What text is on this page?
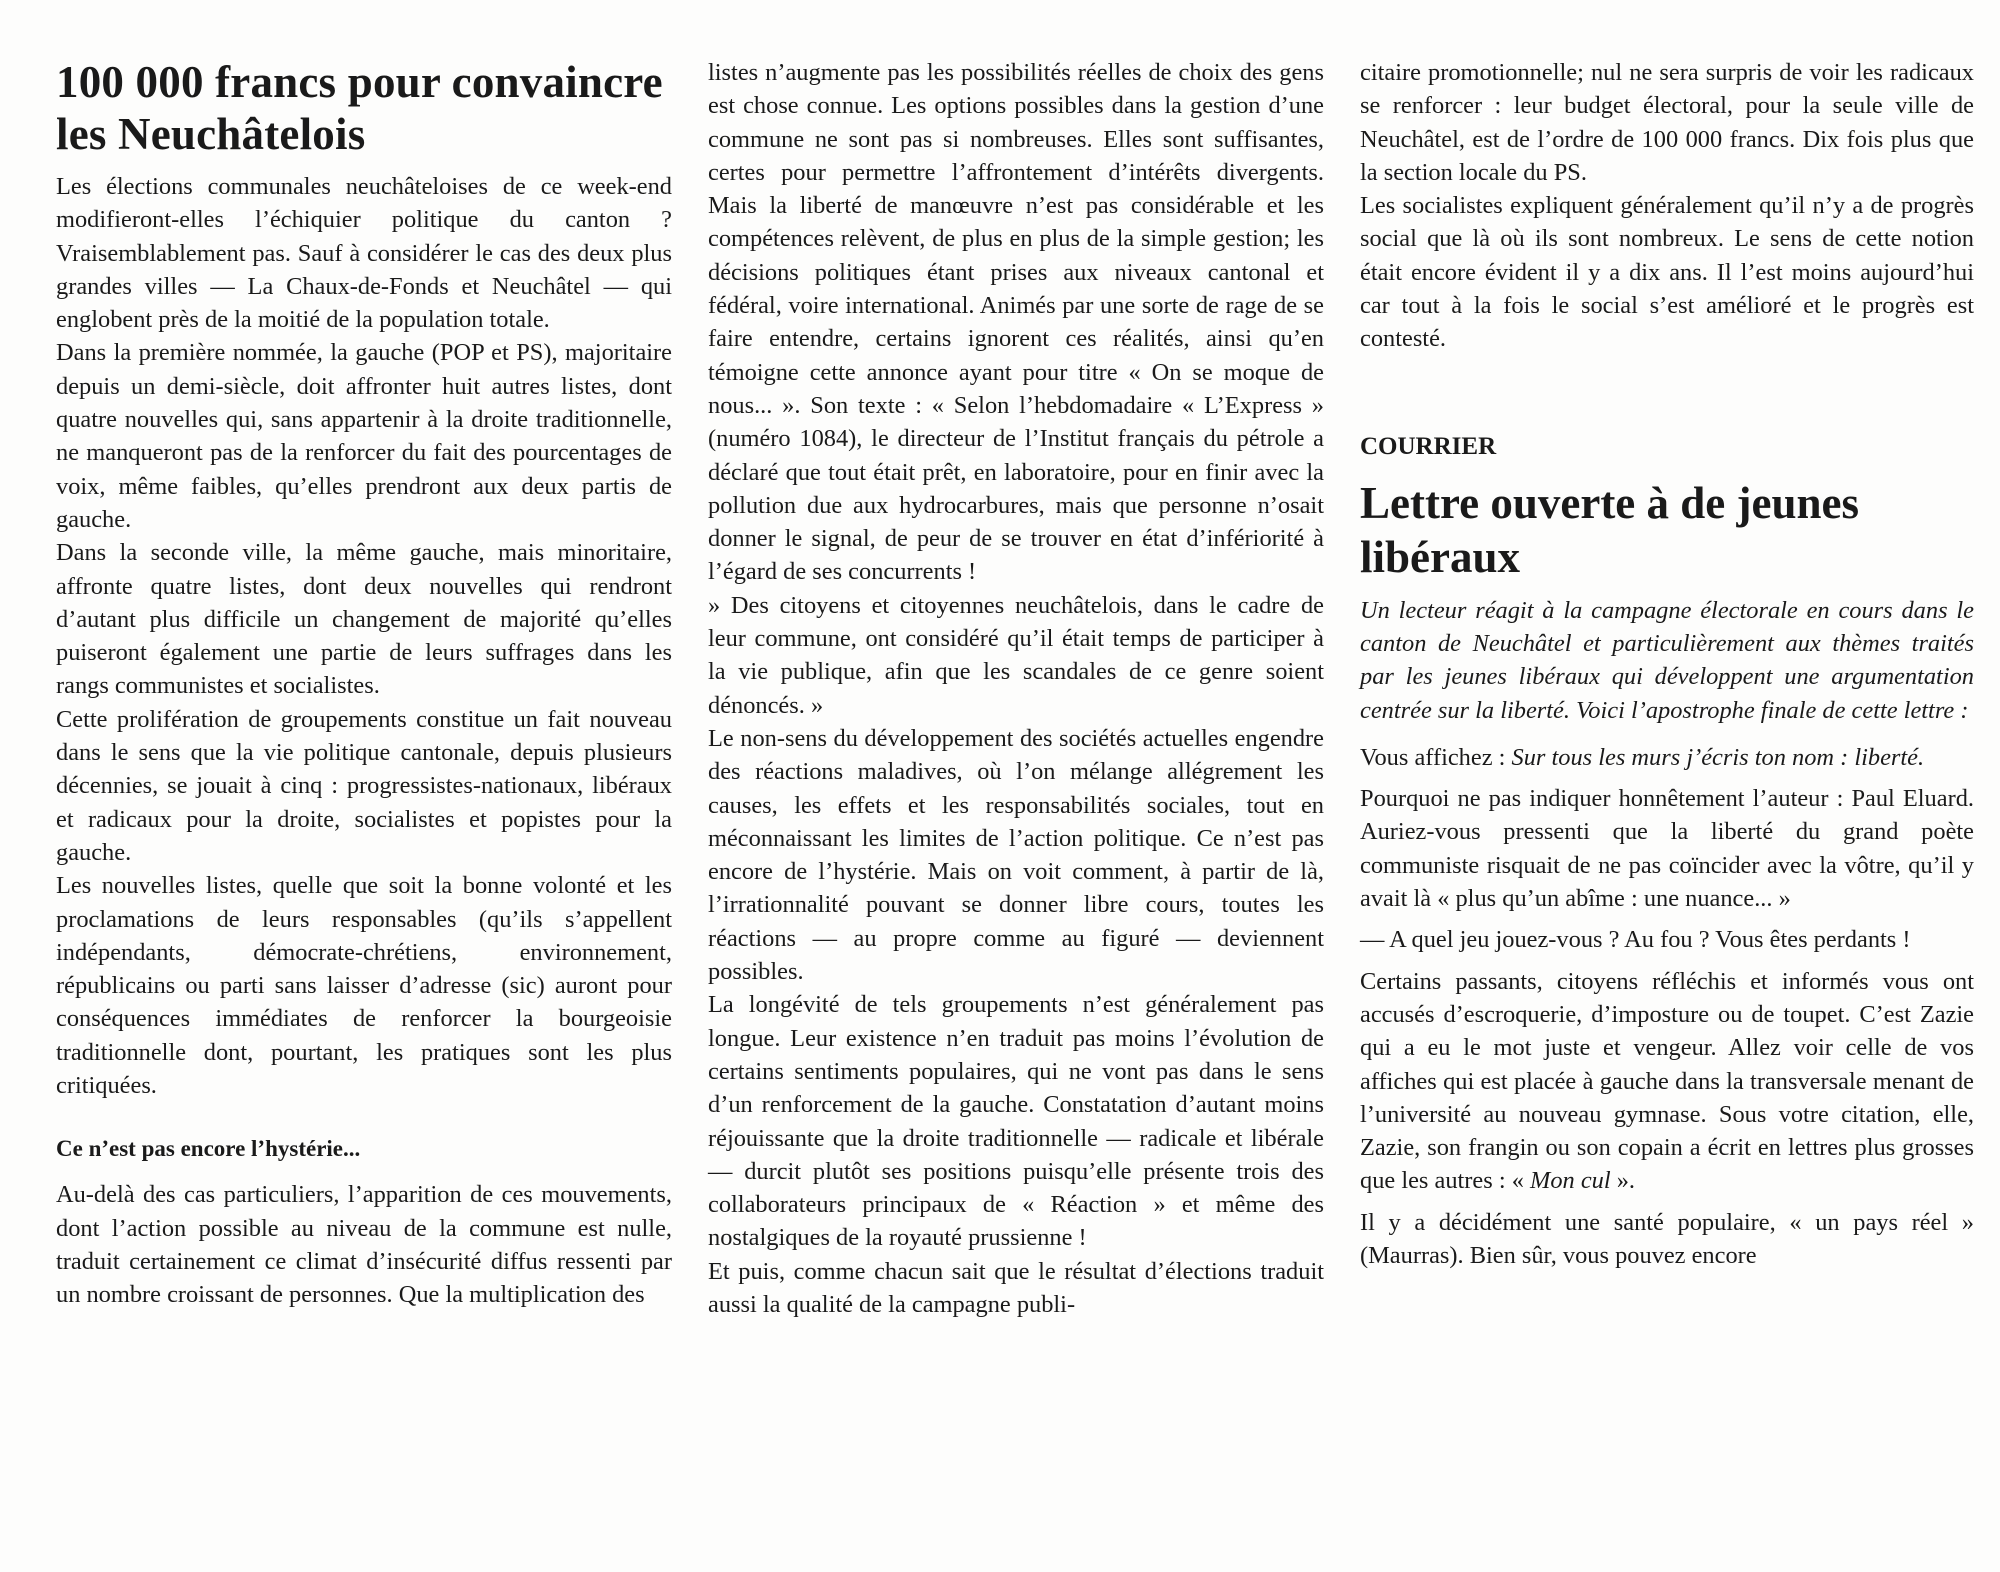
100 000 francs pour convaincre les Neuchâtelois

Les élections communales neuchâteloises de ce week-end modifieront-elles l’échiquier politique du canton ? Vraisemblablement pas. Sauf à considérer le cas des deux plus grandes villes — La Chaux-de-Fonds et Neuchâtel — qui englobent près de la moitié de la population totale.

Dans la première nommée, la gauche (POP et PS), majoritaire depuis un demi-siècle, doit affronter huit autres listes, dont quatre nouvelles qui, sans appartenir à la droite traditionnelle, ne manqueront pas de la renforcer du fait des pourcentages de voix, même faibles, qu’elles prendront aux deux partis de gauche.

Dans la seconde ville, la même gauche, mais minoritaire, affronte quatre listes, dont deux nouvelles qui rendront d’autant plus difficile un changement de majorité qu’elles puiseront également une partie de leurs suffrages dans les rangs communistes et socialistes.

Cette prolifération de groupements constitue un fait nouveau dans le sens que la vie politique cantonale, depuis plusieurs décennies, se jouait à cinq : progressistes-nationaux, libéraux et radicaux pour la droite, socialistes et popistes pour la gauche.

Les nouvelles listes, quelle que soit la bonne volonté et les proclamations de leurs responsables (qu’ils s’appellent indépendants, démocrate-chrétiens, environnement, républicains ou parti sans laisser d’adresse (sic) auront pour conséquences immédiates de renforcer la bourgeoisie traditionnelle dont, pourtant, les pratiques sont les plus critiquées.

Ce n’est pas encore l’hystérie...

Au-delà des cas particuliers, l’apparition de ces mouvements, dont l’action possible au niveau de la commune est nulle, traduit certainement ce climat d’insécurité diffus ressenti par un nombre croissant de personnes. Que la multiplication des

listes n’augmente pas les possibilités réelles de choix des gens est chose connue. Les options possibles dans la gestion d’une commune ne sont pas si nombreuses. Elles sont suffisantes, certes pour permettre l’affrontement d’intérêts divergents. Mais la liberté de manœuvre n’est pas considérable et les compétences relèvent, de plus en plus de la simple gestion; les décisions politiques étant prises aux niveaux cantonal et fédéral, voire international. Animés par une sorte de rage de se faire entendre, certains ignorent ces réalités, ainsi qu’en témoigne cette annonce ayant pour titre « On se moque de nous... ». Son texte : « Selon l’hebdomadaire « L’Express » (numéro 1084), le directeur de l’Institut français du pétrole a déclaré que tout était prêt, en laboratoire, pour en finir avec la pollution due aux hydrocarbures, mais que personne n’osait donner le signal, de peur de se trouver en état d’infériorité à l’égard de ses concurrents !

» Des citoyens et citoyennes neuchâtelois, dans le cadre de leur commune, ont considéré qu’il était temps de participer à la vie publique, afin que les scandales de ce genre soient dénoncés. »

Le non-sens du développement des sociétés actuelles engendre des réactions maladives, où l’on mélange allégrement les causes, les effets et les responsabilités sociales, tout en méconnaissant les limites de l’action politique. Ce n’est pas encore de l’hystérie. Mais on voit comment, à partir de là, l’irrationnalité pouvant se donner libre cours, toutes les réactions — au propre comme au figuré — deviennent possibles.

La longévité de tels groupements n’est généralement pas longue. Leur existence n’en traduit pas moins l’évolution de certains sentiments populaires, qui ne vont pas dans le sens d’un renforcement de la gauche. Constatation d’autant moins réjouissante que la droite traditionnelle — radicale et libérale — durcit plutôt ses positions puisqu’elle présente trois des collaborateurs principaux de « Réaction » et même des nostalgiques de la royauté prussienne !

Et puis, comme chacun sait que le résultat d’élections traduit aussi la qualité de la campagne publi-

citaire promotionnelle; nul ne sera surpris de voir les radicaux se renforcer : leur budget électoral, pour la seule ville de Neuchâtel, est de l’ordre de 100 000 francs. Dix fois plus que la section locale du PS.

Les socialistes expliquent généralement qu’il n’y a de progrès social que là où ils sont nombreux. Le sens de cette notion était encore évident il y a dix ans. Il l’est moins aujourd’hui car tout à la fois le social s’est amélioré et le progrès est contesté.

COURRIER
Lettre ouverte à de jeunes libéraux

Un lecteur réagit à la campagne électorale en cours dans le canton de Neuchâtel et particulièrement aux thèmes traités par les jeunes libéraux qui développent une argumentation centrée sur la liberté. Voici l’apostrophe finale de cette lettre :

Vous affichez : Sur tous les murs j’écris ton nom : liberté.

Pourquoi ne pas indiquer honnêtement l’auteur : Paul Eluard. Auriez-vous pressenti que la liberté du grand poète communiste risquait de ne pas coïncider avec la vôtre, qu’il y avait là « plus qu’un abîme : une nuance... »

— A quel jeu jouez-vous ? Au fou ? Vous êtes perdants !

Certains passants, citoyens réfléchis et informés vous ont accusés d’escroquerie, d’imposture ou de toupet. C’est Zazie qui a eu le mot juste et vengeur. Allez voir celle de vos affiches qui est placée à gauche dans la transversale menant de l’université au nouveau gymnase. Sous votre citation, elle, Zazie, son frangin ou son copain a écrit en lettres plus grosses que les autres : « Mon cul ».

Il y a décidément une santé populaire, « un pays réel » (Maurras). Bien sûr, vous pouvez encore
